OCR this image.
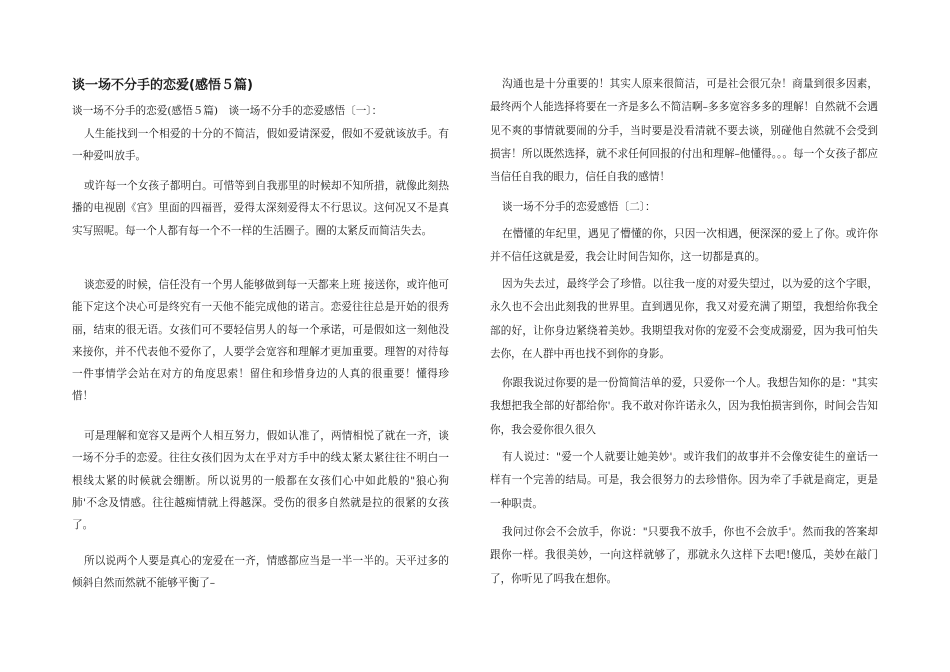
谈一场不分手的恋爱(感悟５篇)

谈一场不分手的恋爱(感悟５篇)　谈一场不分手的恋爱感悟〔一〕：

人生能找到一个相爱的十分的不简洁，假如爱请深爱，假如不爱就该放手。有一种爱叫放手。

或许每一个女孩子都明白。可惜等到自我那里的时候却不知所措，就像此刻热播的电视剧《宫》里面的四福晋，爱得太深刻爱得太不行思议。这何况又不是真实写照呢。每一个人都有每一个不一样的生活圈子。圈的太紧反而简洁失去。

谈恋爱的时候，信任没有一个男人能够做到每一天都来上班 接送你，或许他可能下定这个决心可是终究有一天他不能完成他的诺言。恋爱往往总是开始的很秀丽，结束的很无语。女孩们可不要轻信男人的每一个承诺，可是假如这一刻他没来接你，并不代表他不爱你了，人要学会宽容和理解才更加重要。理智的对待每一件事情学会站在对方的角度思索！留住和珍惜身边的人真的很重要！懂得珍惜！

可是理解和宽容又是两个人相互努力，假如认准了，两情相悦了就在一齐，谈一场不分手的恋爱。往往女孩们因为太在乎对方手中的线太紧太紧往往不明白一根线太紧的时候就会绷断。所以说男的一般都在女孩们心中如此般的"狼心狗肺'不念及情感。往往越痴情就上得越深。受伤的很多自然就是拉的很紧的女孩了。

所以说两个人要是真心的宠爱在一齐，情感都应当是一半一半的。天平过多的倾斜自然而然就不能够平衡了–

沟通也是十分重要的！其实人原来很简洁，可是社会很冗杂！商量到很多因素，最终两个人能选择将要在一齐是多么不简洁啊–多多宽容多多的理解！自然就不会遇见不爽的事情就要闹的分手，当时要是没看清就不要去谈，别碰他自然就不会受到损害！所以既然选择，就不求任何回报的付出和理解–他懂得。。。每一个女孩子都应当信任自我的眼力，信任自我的感情！

谈一场不分手的恋爱感悟〔二〕：

在懵懂的年纪里，遇见了懵懂的你，只因一次相遇，便深深的爱上了你。或许你并不信任这就是爱，我会让时间告知你，这一切都是真的。

因为失去过，最终学会了珍惜。以往我一度的对爱失望过，以为爱的这个字眼，永久也不会出此刻我的世界里。直到遇见你，我又对爱充满了期望，我想给你我全部的好，让你身边紧绕着美妙。我期望我对你的宠爱不会变成溺爱，因为我可怕失去你，在人群中再也找不到你的身影。

你跟我说过你要的是一份简简洁单的爱，只爱你一个人。我想告知你的是："其实我想把我全部的好都给你'。我不敢对你许诺永久，因为我怕损害到你，时间会告知你，我会爱你很久很久

有人说过："爱一个人就要让她美妙'。或许我们的故事并不会像安徒生的童话一样有一个完善的结局。可是，我会很努力的去珍惜你。因为牵了手就是商定，更是一种职责。

我问过你会不会放手，你说："只要我不放手，你也不会放手'。然而我的答案却跟你一样。我很美妙，一向这样就够了，那就永久这样下去吧!傻瓜，美妙在敲门了，你听见了吗我在想你。
